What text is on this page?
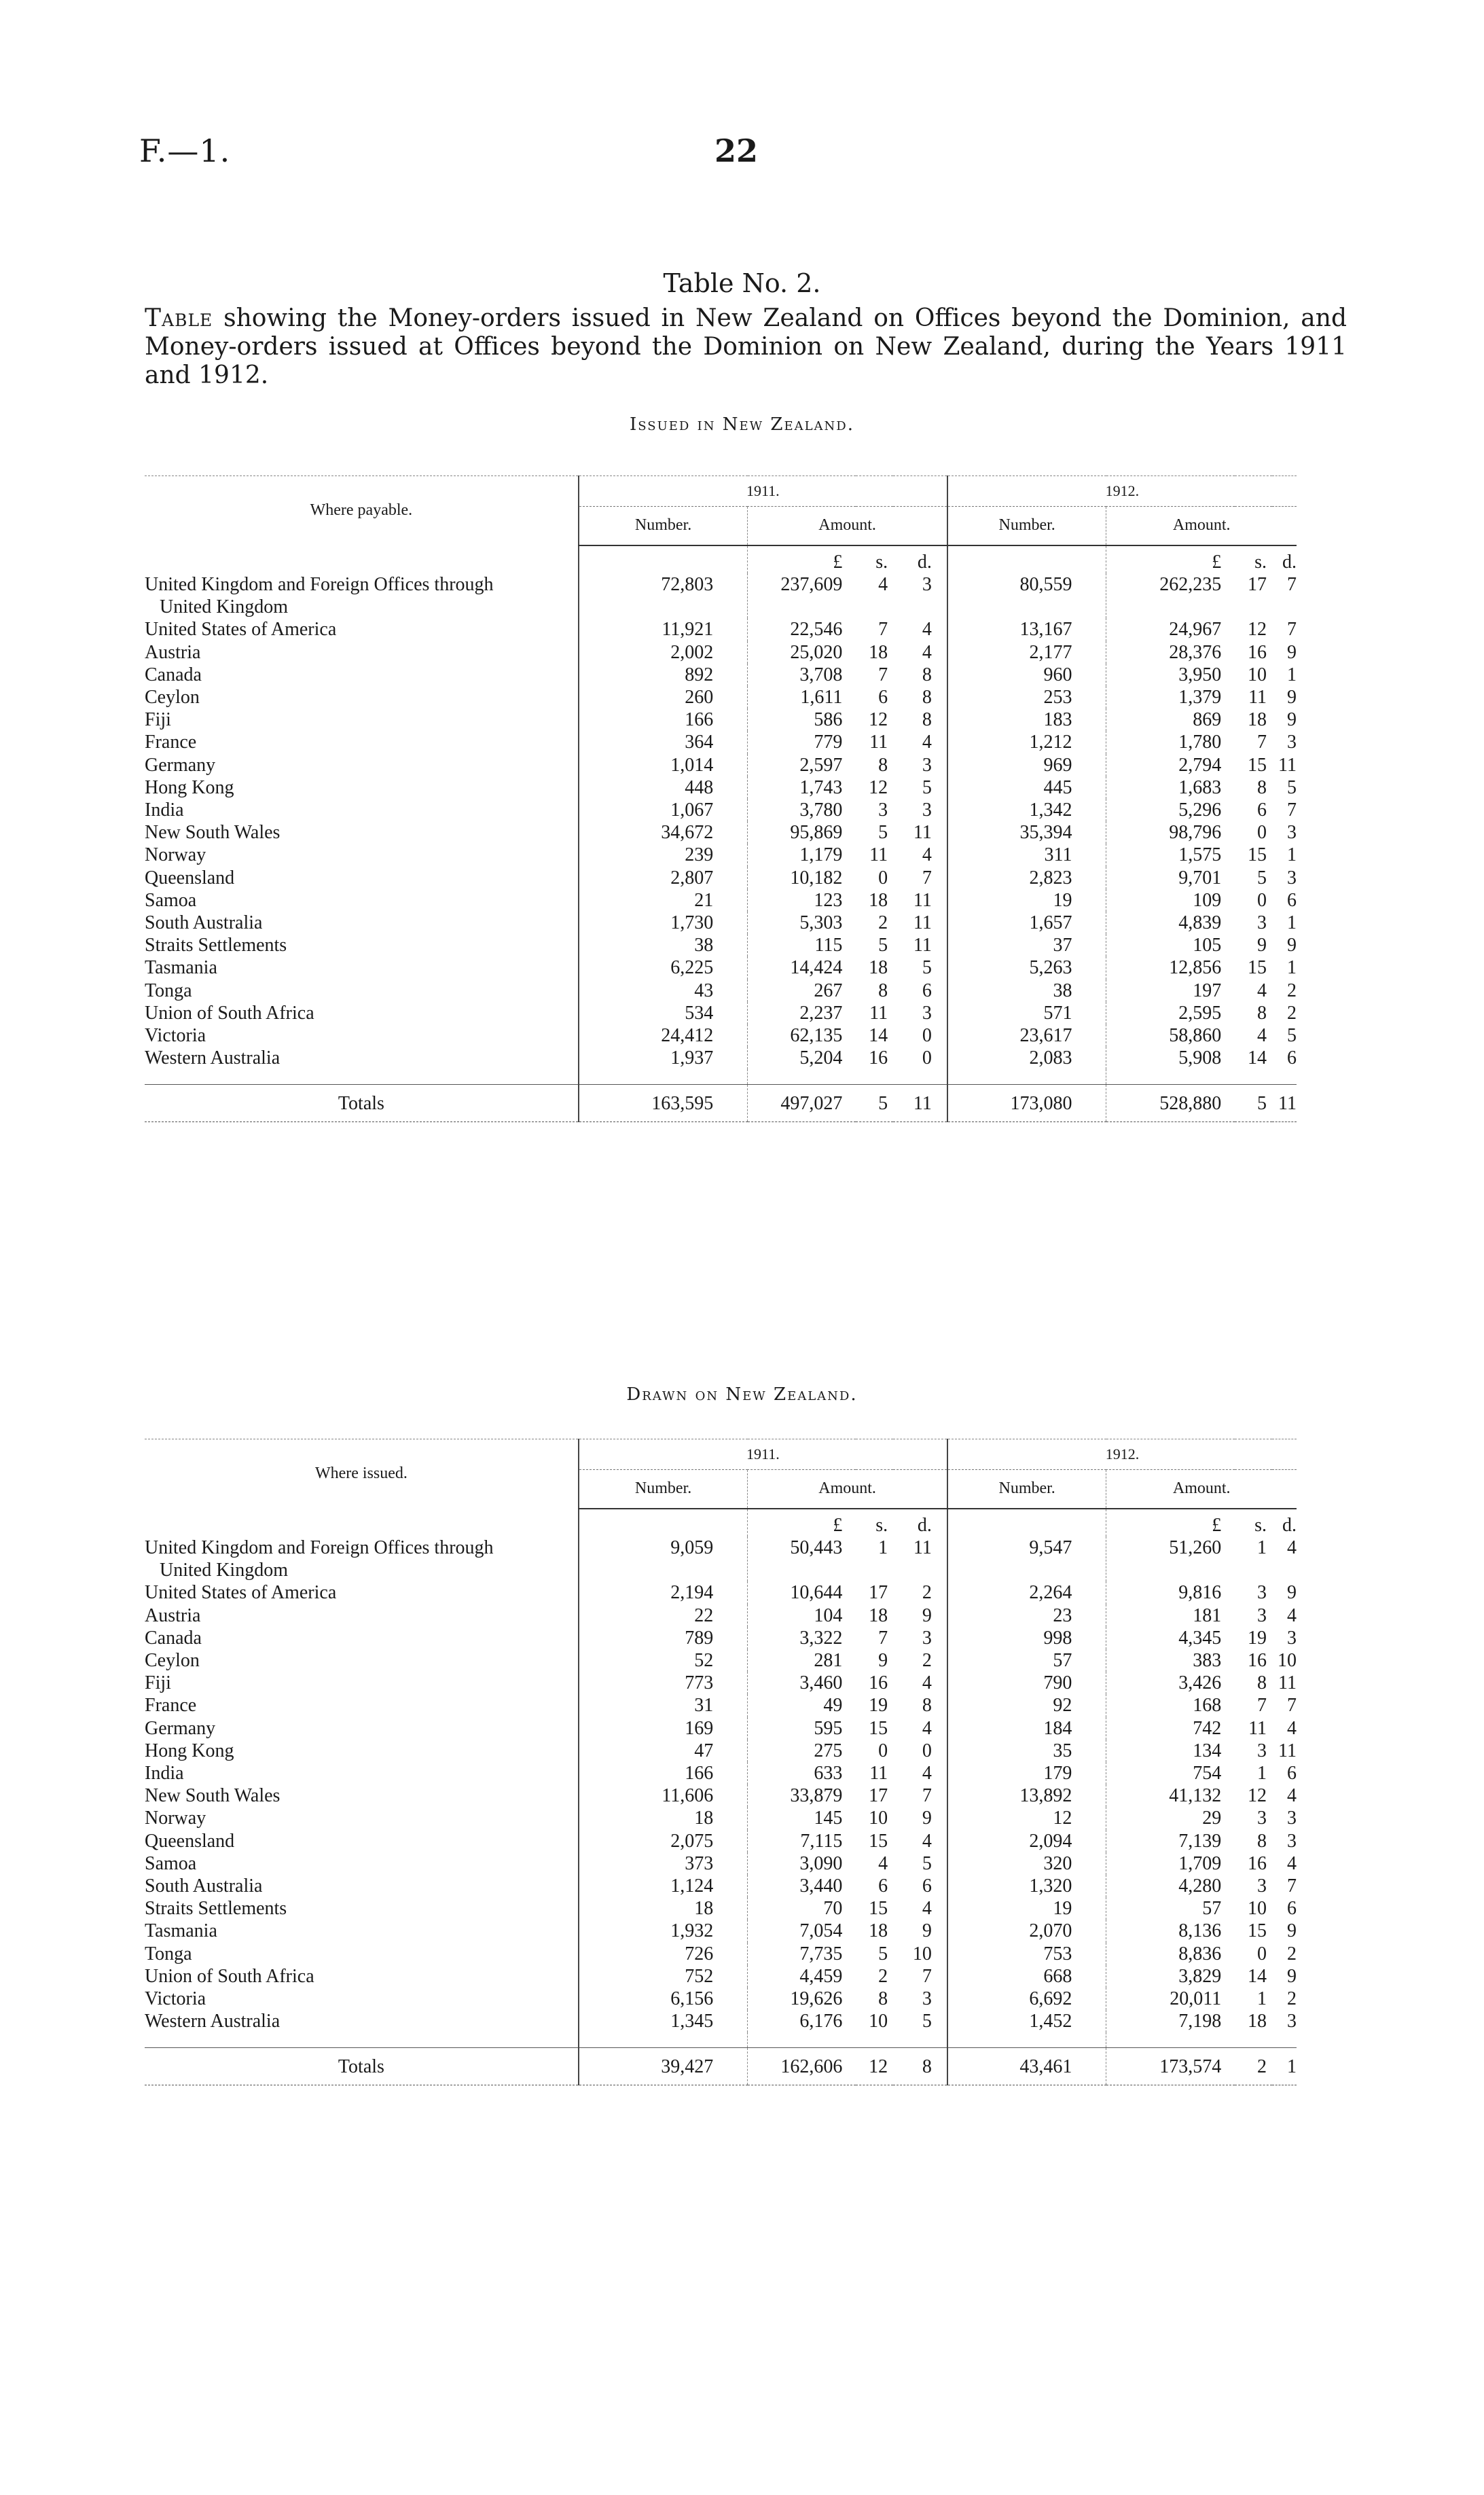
F.—1.	22
Table No. 2.
Table showing the Money-orders issued in New Zealand on Offices beyond the Dominion, and Money-orders issued at Offices beyond the Dominion on New Zealand, during the Years 1911 and 1912.
Issued in New Zealand.
Where payable.	1911.				1912.			
	Number.	Amount.			Number.	Amount.		
		£	s.	d.		£	s.	d.
United Kingdom and Foreign Offices through
United Kingdom	72,803	237,609	4	3	80,559	262,235	17	7
United States of America	11,921	22,546	7	4	13,167	24,967	12	7
Austria	2,002	25,020	18	4	2,177	28,376	16	9
Canada	892	3,708	7	8	960	3,950	10	1
Ceylon	260	1,611	6	8	253	1,379	11	9
Fiji	166	586	12	8	183	869	18	9
France	364	779	11	4	1,212	1,780	7	3
Germany	1,014	2,597	8	3	969	2,794	15	11
Hong Kong	448	1,743	12	5	445	1,683	8	5
India	1,067	3,780	3	3	1,342	5,296	6	7
New South Wales	34,672	95,869	5	11	35,394	98,796	0	3
Norway	239	1,179	11	4	311	1,575	15	1
Queensland	2,807	10,182	0	7	2,823	9,701	5	3
Samoa	21	123	18	11	19	109	0	6
South Australia	1,730	5,303	2	11	1,657	4,839	3	1
Straits Settlements	38	115	5	11	37	105	9	9
Tasmania	6,225	14,424	18	5	5,263	12,856	15	1
Tonga	43	267	8	6	38	197	4	2
Union of South Africa	534	2,237	11	3	571	2,595	8	2
Victoria	24,412	62,135	14	0	23,617	58,860	4	5
Western Australia	1,937	5,204	16	0	2,083	5,908	14	6

Totals	163,595	497,027	5	11	173,080	528,880	5	11
Drawn on New Zealand.
Where issued.	1911.				1912.			
	Number.	Amount.			Number.	Amount.		
		£	s.	d.		£	s.	d.
United Kingdom and Foreign Offices through
United Kingdom	9,059	50,443	1	11	9,547	51,260	1	4
United States of America	2,194	10,644	17	2	2,264	9,816	3	9
Austria	22	104	18	9	23	181	3	4
Canada	789	3,322	7	3	998	4,345	19	3
Ceylon	52	281	9	2	57	383	16	10
Fiji	773	3,460	16	4	790	3,426	8	11
France	31	49	19	8	92	168	7	7
Germany	169	595	15	4	184	742	11	4
Hong Kong	47	275	0	0	35	134	3	11
India	166	633	11	4	179	754	1	6
New South Wales	11,606	33,879	17	7	13,892	41,132	12	4
Norway	18	145	10	9	12	29	3	3
Queensland	2,075	7,115	15	4	2,094	7,139	8	3
Samoa	373	3,090	4	5	320	1,709	16	4
South Australia	1,124	3,440	6	6	1,320	4,280	3	7
Straits Settlements	18	70	15	4	19	57	10	6
Tasmania	1,932	7,054	18	9	2,070	8,136	15	9
Tonga	726	7,735	5	10	753	8,836	0	2
Union of South Africa	752	4,459	2	7	668	3,829	14	9
Victoria	6,156	19,626	8	3	6,692	20,011	1	2
Western Australia	1,345	6,176	10	5	1,452	7,198	18	3

Totals	39,427	162,606	12	8	43,461	173,574	2	1
